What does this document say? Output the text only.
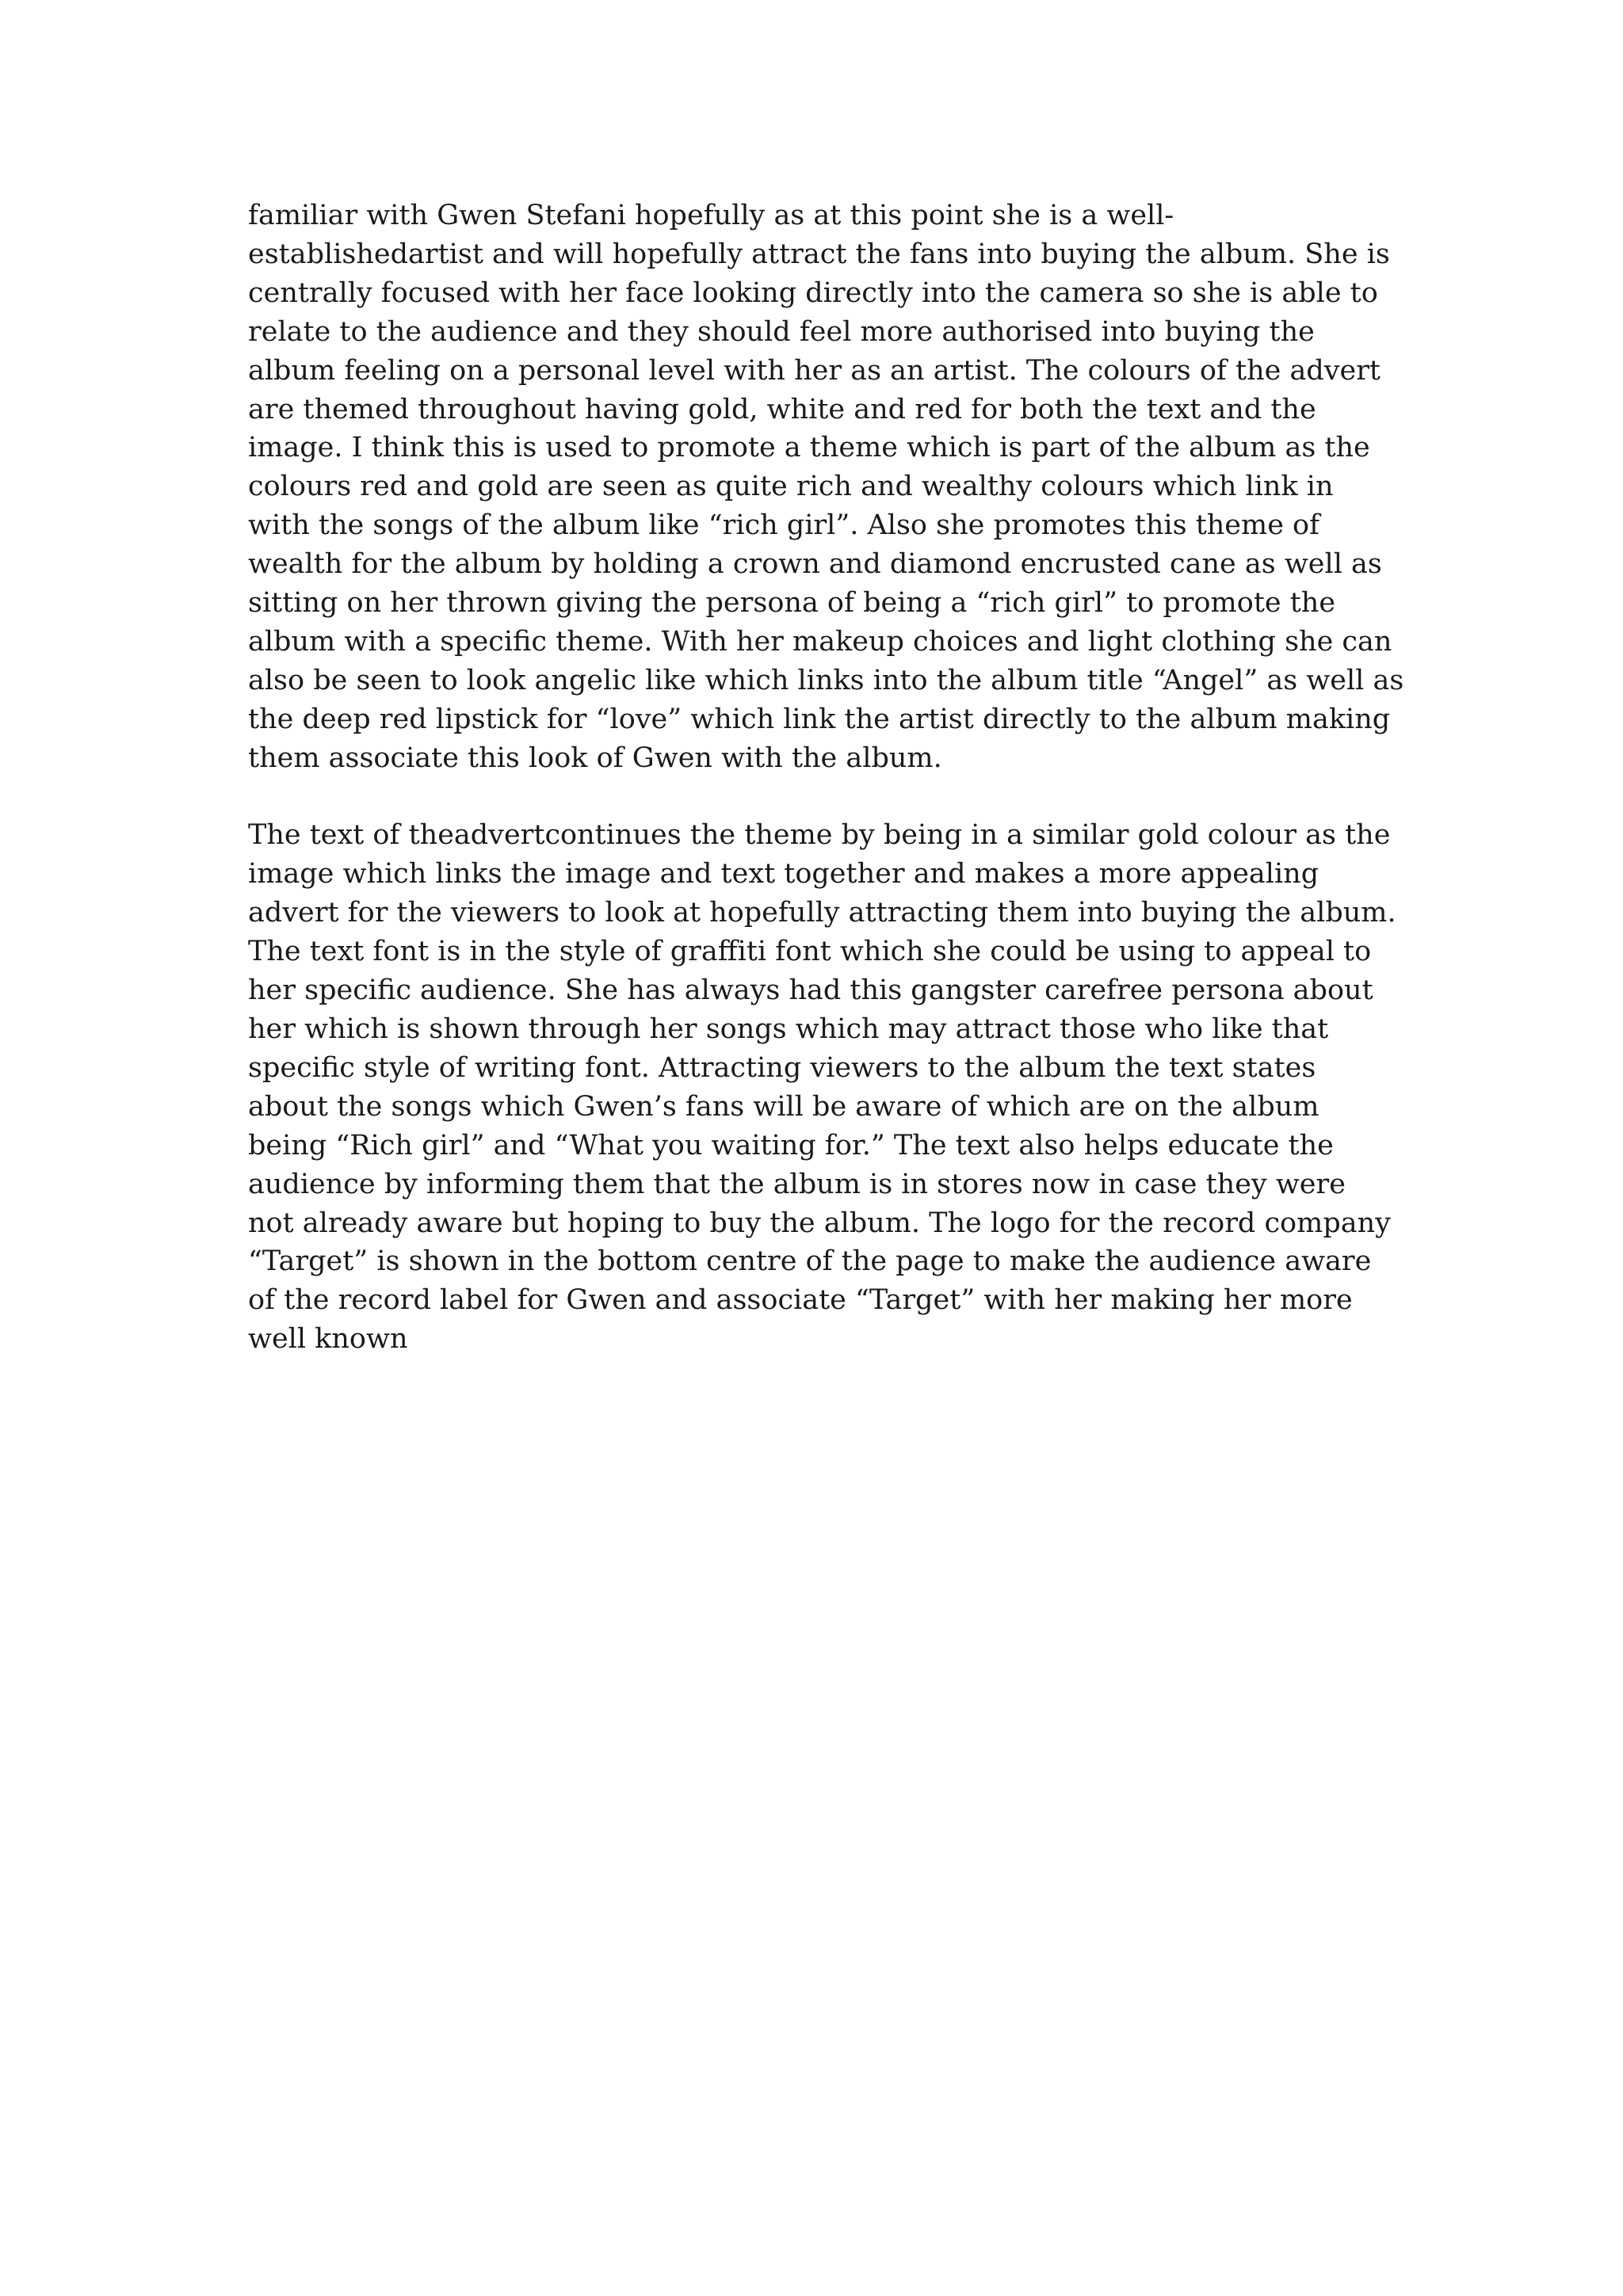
familiar with Gwen Stefani hopefully as at this point she is a well-
establishedartist and will hopefully attract the fans into buying the album. She is
centrally focused with her face looking directly into the camera so she is able to
relate to the audience and they should feel more authorised into buying the
album feeling on a personal level with her as an artist. The colours of the advert
are themed throughout having gold, white and red for both the text and the
image. I think this is used to promote a theme which is part of the album as the
colours red and gold are seen as quite rich and wealthy colours which link in
with the songs of the album like “rich girl”. Also she promotes this theme of
wealth for the album by holding a crown and diamond encrusted cane as well as
sitting on her thrown giving the persona of being a “rich girl” to promote the
album with a specific theme. With her makeup choices and light clothing she can
also be seen to look angelic like which links into the album title “Angel” as well as
the deep red lipstick for “love” which link the artist directly to the album making
them associate this look of Gwen with the album.

The text of theadvertcontinues the theme by being in a similar gold colour as the
image which links the image and text together and makes a more appealing
advert for the viewers to look at hopefully attracting them into buying the album.
The text font is in the style of graffiti font which she could be using to appeal to
her specific audience. She has always had this gangster carefree persona about
her which is shown through her songs which may attract those who like that
specific style of writing font. Attracting viewers to the album the text states
about the songs which Gwen’s fans will be aware of which are on the album
being “Rich girl” and “What you waiting for.” The text also helps educate the
audience by informing them that the album is in stores now in case they were
not already aware but hoping to buy the album. The logo for the record company
“Target” is shown in the bottom centre of the page to make the audience aware
of the record label for Gwen and associate “Target” with her making her more
well known
